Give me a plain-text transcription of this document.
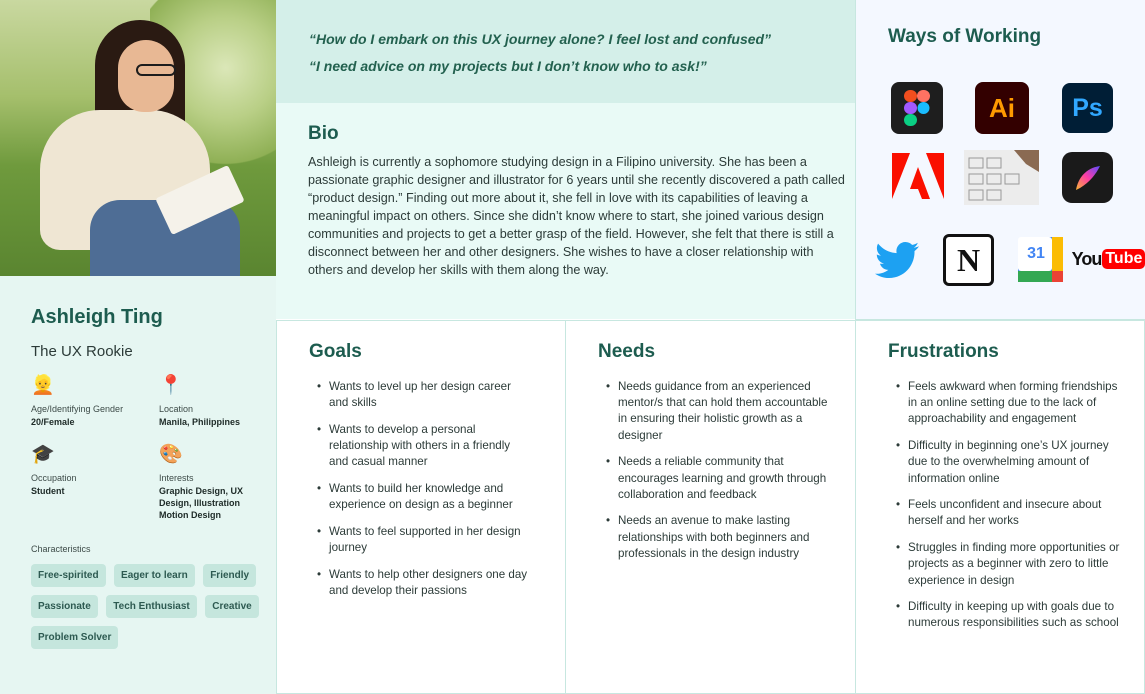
Ashleigh Ting
The UX Rookie
👱
Age/Identifying Gender
20/Female
📍
Location
Manila, Philippines
🎓
Occupation
Student
🎨
Interests
Graphic Design, UX Design, Illustration Motion Design
Characteristics
Free-spirited Eager to learn Friendly Passionate Tech Enthusiast Creative Problem Solver
“How do I embark on this UX journey alone? I feel lost and confused”
“I need advice on my projects but I don’t know who to ask!”
Bio
Ashleigh is currently a sophomore studying design in a Filipino university. She has been a passionate graphic designer and illustrator for 6 years until she recently discovered a path called “product design.” Finding out more about it, she fell in love with its capabilities of leaving a meaningful impact on others. Since she didn’t know where to start, she joined various design communities and projects to get a better grasp of the field. However, she felt that there is still a disconnect between her and other designers. She wishes to have a closer relationship with others and develop her skills with them along the way.
Ways of Working
Ai Ps
N	31 You Tube
Goals
• Wants to level up her design career and skills
• Wants to develop a personal relationship with others in a friendly and casual manner
• Wants to build her knowledge and experience on design as a beginner
• Wants to feel supported in her design journey
• Wants to help other designers one day and develop their passions
Needs
• Needs guidance from an experienced mentor/s that can hold them accountable in ensuring their holistic growth as a designer
• Needs a reliable community that encourages learning and growth through collaboration and feedback
• Needs an avenue to make lasting relationships with both beginners and professionals in the design industry
Frustrations
• Feels awkward when forming friendships in an online setting due to the lack of approachability and engagement
• Difficulty in beginning one’s UX journey due to the overwhelming amount of information online
• Feels unconfident and insecure about herself and her works
• Struggles in finding more opportunities or projects as a beginner with zero to little experience in design
• Difficulty in keeping up with goals due to numerous responsibilities such as school
